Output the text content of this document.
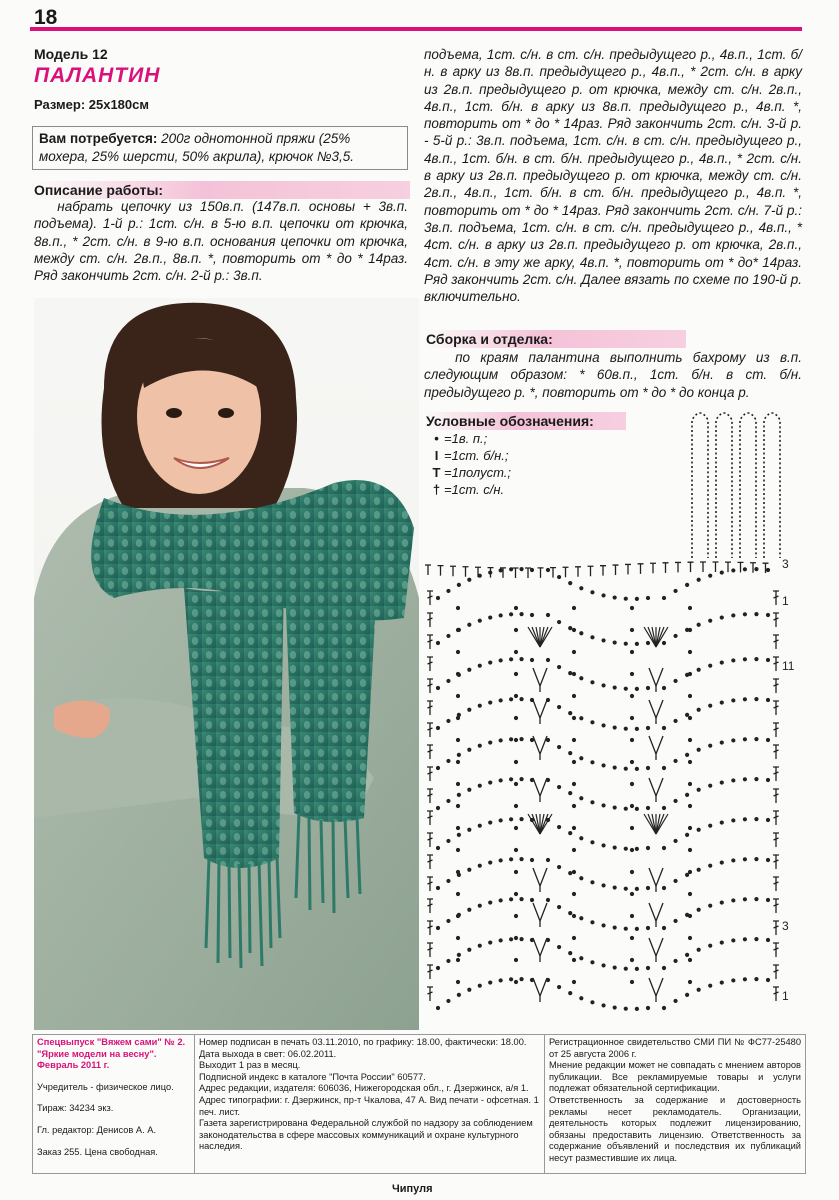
18
Модель 12
ПАЛАНТИН
Размер: 25х180см
Вам потребуется: 200г однотонной пряжи (25% мохера, 25% шерсти, 50% акрила), крючок №3,5.
Описание работы:
набрать цепочку из 150в.п. (147в.п. основы + 3в.п. подъема). 1-й р.: 1ст. с/н. в 5-ю в.п. цепочки от крючка, 8в.п., * 2ст. с/н. в 9-ю в.п. основания цепочки от крючка, между ст. с/н. 2в.п., 8в.п. *, повторить от * до * 14раз. Ряд закончить 2ст. с/н. 2-й р.: 3в.п.
подъема, 1ст. с/н. в ст. с/н. предыдущего р., 4в.п., 1ст. б/н. в арку из 8в.п. предыдущего р., 4в.п., * 2ст. с/н. в арку из 2в.п. предыдущего р. от крючка, между ст. с/н. 2в.п., 4в.п., 1ст. б/н. в арку из 8в.п. предыдущего р., 4в.п. *, повторить от * до * 14раз. Ряд закончить 2ст. с/н. 3-й р. - 5-й р.: 3в.п. подъема, 1ст. с/н. в ст. с/н. предыдущего р., 4в.п., 1ст. б/н. в ст. б/н. предыдущего р., 4в.п., * 2ст. с/н. в арку из 2в.п. предыдущего р. от крючка, между ст. с/н. 2в.п., 4в.п., 1ст. б/н. в ст. б/н. предыдущего р., 4в.п. *, повторить от * до * 14раз. Ряд закончить 2ст. с/н. 7-й р.: 3в.п. подъема, 1ст. с/н. в ст. с/н. предыдущего р., 4в.п., * 4ст. с/н. в арку из 2в.п. предыдущего р. от крючка, 2в.п., 4ст. с/н. в эту же арку, 4в.п. *, повторить от * до* 14раз. Ряд закончить 2ст. с/н. Далее вязать по схеме по 190-й р. включительно.
Сборка и отделка:
по краям палантина выполнить бахрому из в.п. следующим образом: * 60в.п., 1ст. б/н. в ст. б/н. предыдущего р. *, повторить от * до * до конца р.
Условные обозначения:
• =1в. п.;
I =1ст. б/н.;
T =1полуст.;
† =1ст. с/н.
3
1
11
3
1

Спецвыпуск "Вяжем сами" № 2. "Яркие модели на весну". Февраль 2011 г.

Учредитель - физическое лицо.

Тираж: 34234 экз.

Гл. редактор: Денисов А. А.

Заказ 255. Цена свободная.

Номер подписан в печать 03.11.2010, по графику: 18.00, фактически: 18.00. Дата выхода в свет: 06.02.2011.

Выходит 1 раз в месяц.

Подписной индекс в каталоге "Почта России" 60577.

Адрес редакции, издателя: 606036, Нижегородская обл., г. Дзержинск, а/я 1. Адрес типографии: г. Дзержинск, пр-т Чкалова, 47 А. Вид печати - офсетная. 1 печ. лист.

Газета зарегистрирована Федеральной службой по надзору за соблюдением законодательства в сфере массовых коммуникаций и охране культурного наследия.

Регистрационное свидетельство СМИ ПИ № ФС77-25480 от 25 августа 2006 г.

Мнение редакции может не совпадать с мнением авторов публикации. Все рекламируемые товары и услуги подлежат обязательной сертификации.

Ответственность за содержание и достоверность рекламы несет рекламодатель. Организации, деятельность которых подлежит лицензированию, обязаны предоставить лицензию. Ответственность за содержание объявлений и последствия их публикаций несут разместившие их лица.

Чипуля
